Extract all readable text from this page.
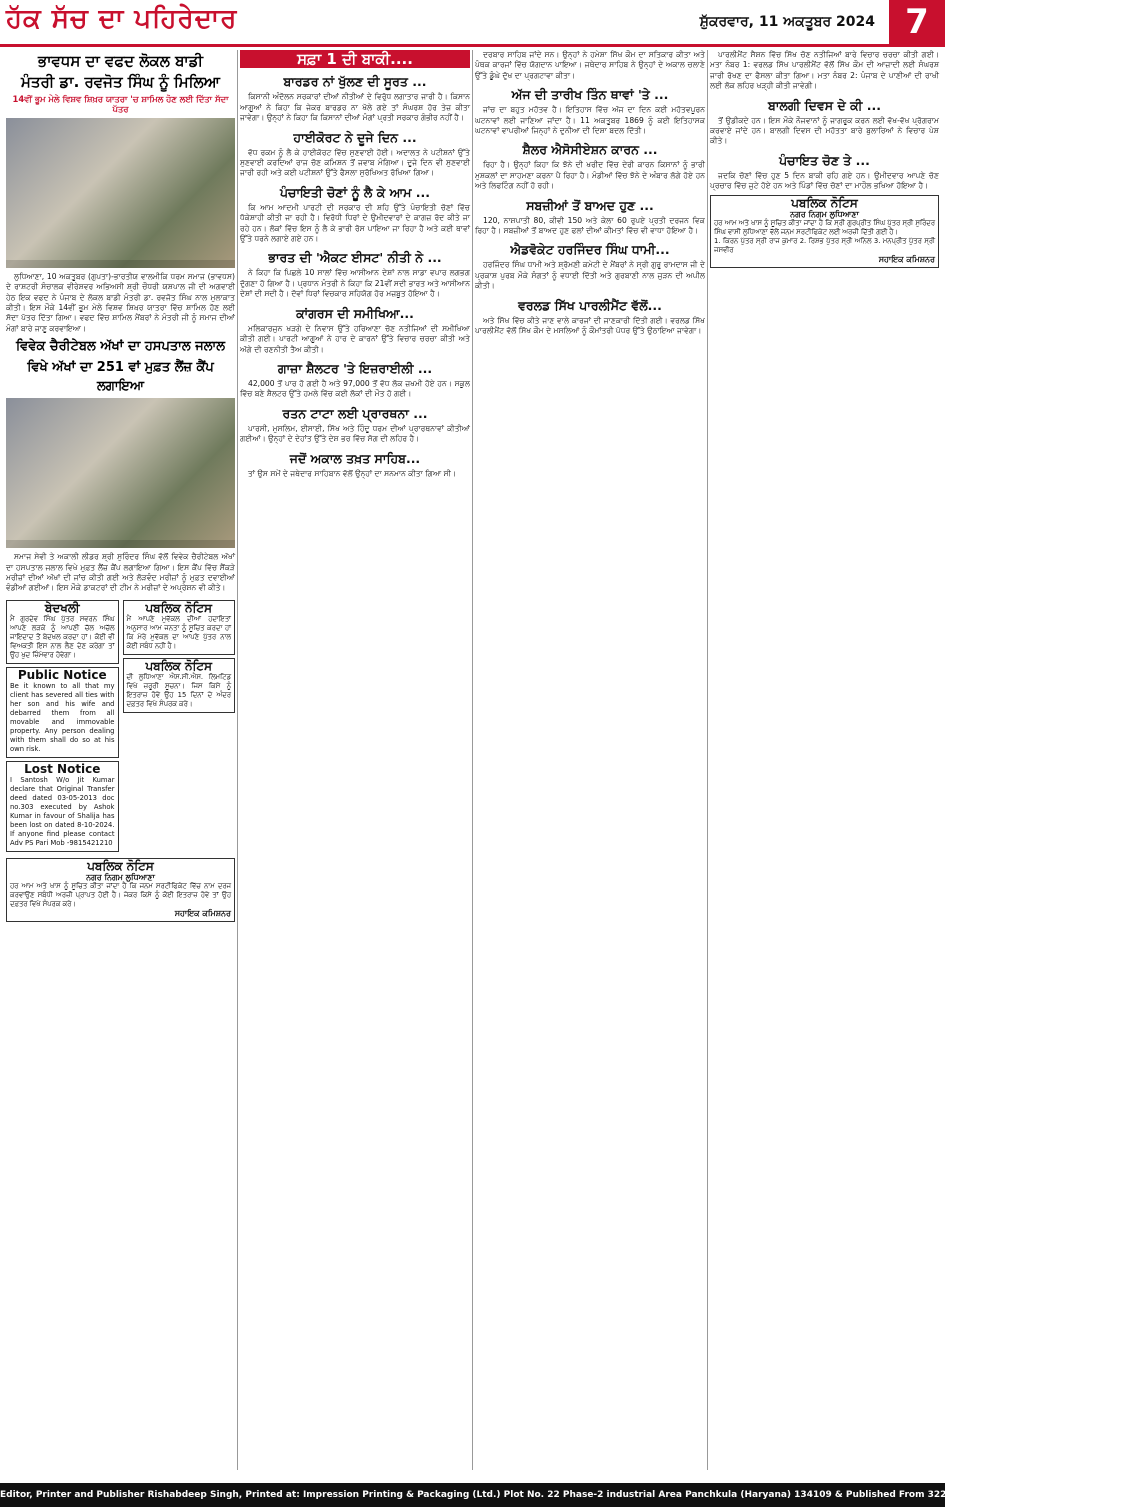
ਹੱਕ ਸੱਚ ਦਾ ਪਹਿਰੇਦਾਰ	ਸ਼ੁੱਕਰਵਾਰ, 11 ਅਕਤੂਬਰ 2024 7
ਭਾਵਧਸ ਦਾ ਵਫਦ ਲੋਕਲ ਬਾਡੀ
ਮੰਤਰੀ ਡਾ. ਰਵਜੋਤ ਸਿੰਘ ਨੂੰ ਮਿਲਿਆ
14ਵੀਂ ਭੂਮ ਮੇਲੇ ਵਿਸ਼ਵ ਸ਼ਿਖ਼ਰ ਯਾਤਰਾ 'ਚ ਸ਼ਾਮਿਲ ਹੋਣ ਲਈ ਦਿੱਤਾ ਸੱਦਾ ਪੱਤਰ

ਲੁਧਿਆਣਾ, 10 ਅਕਤੂਬਰ (ਗੁਪਤਾ)-ਭਾਰਤੀਯ ਵਾਲਮੀਕਿ ਧਰਮ ਸਮਾਜ (ਭਾਵਧਸ) ਦੇ ਰਾਸ਼ਟਰੀ ਸੰਚਾਲਕ ਵੀਰੇਸ਼ਵਰ ਅਭਿਅਸੀ ਸ਼੍ਰੀ ਚੌਧਰੀ ਯਸ਼ਪਾਲ ਜੀ ਦੀ ਅਗਵਾਈ ਹੇਠ ਇਕ ਵਫਦ ਨੇ ਪੰਜਾਬ ਦੇ ਲੋਕਲ ਬਾਡੀ ਮੰਤਰੀ ਡਾ. ਰਵਜੋਤ ਸਿੰਘ ਨਾਲ ਮੁਲਾਕਾਤ ਕੀਤੀ। ਇਸ ਮੌਕੇ 14ਵੀਂ ਭੂਮ ਮੇਲੇ ਵਿਸ਼ਵ ਸ਼ਿਖ਼ਰ ਯਾਤਰਾ ਵਿੱਚ ਸ਼ਾਮਿਲ ਹੋਣ ਲਈ ਸੱਦਾ ਪੱਤਰ ਦਿੱਤਾ ਗਿਆ। ਵਫਦ ਵਿੱਚ ਸ਼ਾਮਿਲ ਮੈਂਬਰਾਂ ਨੇ ਮੰਤਰੀ ਜੀ ਨੂੰ ਸਮਾਜ ਦੀਆਂ ਮੰਗਾਂ ਬਾਰੇ ਜਾਣੂ ਕਰਵਾਇਆ।

ਵਿਵੇਕ ਚੈਰੀਟੇਬਲ ਅੱਖਾਂ ਦਾ ਹਸਪਤਾਲ ਜਲਾਲ
ਵਿਖੇ ਅੱਖਾਂ ਦਾ 251 ਵਾਂ ਮੁਫ਼ਤ ਲੈਂਜ਼ ਕੈਂਪ ਲਗਾਇਆ

ਸਮਾਜ ਸੇਵੀ ਤੇ ਅਕਾਲੀ ਲੀਡਰ ਸ਼੍ਰੀ ਸੁਰਿੰਦਰ ਸਿੰਘ ਵੱਲੋਂ ਵਿਵੇਕ ਚੈਰੀਟੇਬਲ ਅੱਖਾਂ ਦਾ ਹਸਪਤਾਲ ਜਲਾਲ ਵਿਖੇ ਮੁਫ਼ਤ ਲੈਂਜ਼ ਕੈਂਪ ਲਗਾਇਆ ਗਿਆ। ਇਸ ਕੈਂਪ ਵਿੱਚ ਸੈਂਕੜੇ ਮਰੀਜ਼ਾਂ ਦੀਆਂ ਅੱਖਾਂ ਦੀ ਜਾਂਚ ਕੀਤੀ ਗਈ ਅਤੇ ਲੋੜਵੰਦ ਮਰੀਜ਼ਾਂ ਨੂੰ ਮੁਫ਼ਤ ਦਵਾਈਆਂ ਵੰਡੀਆਂ ਗਈਆਂ। ਇਸ ਮੌਕੇ ਡਾਕਟਰਾਂ ਦੀ ਟੀਮ ਨੇ ਮਰੀਜ਼ਾਂ ਦੇ ਅਪ੍ਰੇਸ਼ਨ ਵੀ ਕੀਤੇ।

ਬੇਦਖਲੀ
ਮੈਂ ਗੁਰਦੇਵ ਸਿੰਘ ਪੁੱਤਰ ਸਵਰਨ ਸਿੰਘ ਆਪਣੇ ਲੜਕੇ ਨੂੰ ਆਪਣੀ ਚੱਲ ਅਚੱਲ ਜਾਇਦਾਦ ਤੋਂ ਬੇਦਖਲ ਕਰਦਾ ਹਾਂ। ਕੋਈ ਵੀ ਵਿਅਕਤੀ ਇਸ ਨਾਲ ਲੈਣ ਦੇਣ ਕਰੇਗਾ ਤਾਂ ਉਹ ਖੁਦ ਜ਼ਿੰਮੇਵਾਰ ਹੋਵੇਗਾ।
Public Notice
Be it known to all that my client has severed all ties with her son and his wife and debarred them from all movable and immovable property. Any person dealing with them shall do so at his own risk.
Lost Notice
I Santosh W/o Jit Kumar declare that Original Transfer deed dated 03-05-2013 doc no.303 executed by Ashok Kumar in favour of Shalija has been lost on dated 8-10-2024. If anyone find please contact Adv PS Pari Mob -9815421210
ਪਬਲਿਕ ਨੋਟਿਸ
ਮੈਂ ਆਪਣੇ ਮੁਵੱਕਲ ਦੀਆਂ ਹਦਾਇਤਾਂ ਅਨੁਸਾਰ ਆਮ ਜਨਤਾ ਨੂੰ ਸੂਚਿਤ ਕਰਦਾ ਹਾਂ ਕਿ ਮੇਰੇ ਮੁਵੱਕਲ ਦਾ ਆਪਣੇ ਪੁੱਤਰ ਨਾਲ ਕੋਈ ਸਬੰਧ ਨਹੀਂ ਹੈ।
ਪਬਲਿਕ ਨੋਟਿਸ
ਦੀ ਲੁਧਿਆਣਾ ਐਸ.ਸੀ.ਐਸ. ਲਿਮਟਿਡ ਵਿਖੇ ਜ਼ਰੂਰੀ ਸੂਚਨਾ। ਜਿਸ ਕਿਸੇ ਨੂੰ ਇਤਰਾਜ਼ ਹੋਵੇ ਉਹ 15 ਦਿਨਾਂ ਦੇ ਅੰਦਰ ਦਫ਼ਤਰ ਵਿਖੇ ਸੰਪਰਕ ਕਰੇ।
ਪਬਲਿਕ ਨੋਟਿਸ
ਨਗਰ ਨਿਗਮ ਲੁਧਿਆਣਾ
ਹਰ ਆਮ ਅਤੇ ਖਾਸ ਨੂੰ ਸੂਚਿਤ ਕੀਤਾ ਜਾਂਦਾ ਹੈ ਕਿ ਜਨਮ ਸਰਟੀਫਿਕੇਟ ਵਿੱਚ ਨਾਮ ਦਰਜ ਕਰਵਾਉਣ ਸਬੰਧੀ ਅਰਜ਼ੀ ਪ੍ਰਾਪਤ ਹੋਈ ਹੈ। ਜੇਕਰ ਕਿਸੇ ਨੂੰ ਕੋਈ ਇਤਰਾਜ਼ ਹੋਵੇ ਤਾਂ ਉਹ ਦਫ਼ਤਰ ਵਿਖੇ ਸੰਪਰਕ ਕਰੇ।
ਸਹਾਇਕ ਕਮਿਸ਼ਨਰ
ਸਫ਼ਾ 1 ਦੀ ਬਾਕੀ....
ਬਾਰਡਰ ਨਾਂ ਖੁੱਲਣ ਦੀ ਸੂਰਤ ...

ਕਿਸਾਨੀ ਅੰਦੋਲਨ ਸਰਕਾਰਾਂ ਦੀਆਂ ਨੀਤੀਆਂ ਦੇ ਵਿਰੁੱਧ ਲਗਾਤਾਰ ਜਾਰੀ ਹੈ। ਕਿਸਾਨ ਆਗੂਆਂ ਨੇ ਕਿਹਾ ਕਿ ਜੇਕਰ ਬਾਰਡਰ ਨਾ ਖੋਲੇ ਗਏ ਤਾਂ ਸੰਘਰਸ਼ ਹੋਰ ਤੇਜ਼ ਕੀਤਾ ਜਾਵੇਗਾ। ਉਨ੍ਹਾਂ ਨੇ ਕਿਹਾ ਕਿ ਕਿਸਾਨਾਂ ਦੀਆਂ ਮੰਗਾਂ ਪ੍ਰਤੀ ਸਰਕਾਰ ਗੰਭੀਰ ਨਹੀਂ ਹੈ।

ਹਾਈਕੋਰਟ ਨੇ ਦੂਜੇ ਦਿਨ ...

ਵੱਧ ਰਕਮ ਨੂੰ ਲੈ ਕੇ ਹਾਈਕੋਰਟ ਵਿੱਚ ਸੁਣਵਾਈ ਹੋਈ। ਅਦਾਲਤ ਨੇ ਪਟੀਸ਼ਨਾਂ ਉੱਤੇ ਸੁਣਵਾਈ ਕਰਦਿਆਂ ਰਾਜ ਚੋਣ ਕਮਿਸ਼ਨ ਤੋਂ ਜਵਾਬ ਮੰਗਿਆ। ਦੂਜੇ ਦਿਨ ਵੀ ਸੁਣਵਾਈ ਜਾਰੀ ਰਹੀ ਅਤੇ ਕਈ ਪਟੀਸ਼ਨਾਂ ਉੱਤੇ ਫੈਸਲਾ ਸੁਰੱਖਿਅਤ ਰੱਖਿਆ ਗਿਆ।

ਪੰਚਾਇਤੀ ਚੋਣਾਂ ਨੂੰ ਲੈ ਕੇ ਆਮ ...

ਕਿ ਆਮ ਆਦਮੀ ਪਾਰਟੀ ਦੀ ਸਰਕਾਰ ਦੀ ਸ਼ਹਿ ਉੱਤੇ ਪੰਚਾਇਤੀ ਚੋਣਾਂ ਵਿੱਚ ਧੱਕੇਸ਼ਾਹੀ ਕੀਤੀ ਜਾ ਰਹੀ ਹੈ। ਵਿਰੋਧੀ ਧਿਰਾਂ ਦੇ ਉਮੀਦਵਾਰਾਂ ਦੇ ਕਾਗਜ਼ ਰੱਦ ਕੀਤੇ ਜਾ ਰਹੇ ਹਨ। ਲੋਕਾਂ ਵਿੱਚ ਇਸ ਨੂੰ ਲੈ ਕੇ ਭਾਰੀ ਰੋਸ ਪਾਇਆ ਜਾ ਰਿਹਾ ਹੈ ਅਤੇ ਕਈ ਥਾਵਾਂ ਉੱਤੇ ਧਰਨੇ ਲਗਾਏ ਗਏ ਹਨ।

ਭਾਰਤ ਦੀ 'ਐਕਟ ਈਸਟ' ਨੀਤੀ ਨੇ ...

ਨੇ ਕਿਹਾ ਕਿ ਪਿਛਲੇ 10 ਸਾਲਾਂ ਵਿੱਚ ਆਸੀਆਨ ਦੇਸ਼ਾਂ ਨਾਲ ਸਾਡਾ ਵਪਾਰ ਲਗਭਗ ਦੁੱਗਣਾ ਹੋ ਗਿਆ ਹੈ। ਪ੍ਰਧਾਨ ਮੰਤਰੀ ਨੇ ਕਿਹਾ ਕਿ 21ਵੀਂ ਸਦੀ ਭਾਰਤ ਅਤੇ ਆਸੀਆਨ ਦੇਸ਼ਾਂ ਦੀ ਸਦੀ ਹੈ। ਦੋਵਾਂ ਧਿਰਾਂ ਵਿਚਕਾਰ ਸਹਿਯੋਗ ਹੋਰ ਮਜ਼ਬੂਤ ਹੋਇਆ ਹੈ।

ਕਾਂਗਰਸ ਦੀ ਸਮੀਖਿਆ...

ਮਲਿਕਾਰਜੁਨ ਖੜਗੇ ਦੇ ਨਿਵਾਸ ਉੱਤੇ ਹਰਿਆਣਾ ਚੋਣ ਨਤੀਜਿਆਂ ਦੀ ਸਮੀਖਿਆ ਕੀਤੀ ਗਈ। ਪਾਰਟੀ ਆਗੂਆਂ ਨੇ ਹਾਰ ਦੇ ਕਾਰਨਾਂ ਉੱਤੇ ਵਿਚਾਰ ਚਰਚਾ ਕੀਤੀ ਅਤੇ ਅੱਗੇ ਦੀ ਰਣਨੀਤੀ ਤੈਅ ਕੀਤੀ।

ਗਾਜ਼ਾ ਸ਼ੈਲਟਰ 'ਤੇ ਇਜ਼ਰਾਈਲੀ ...

42,000 ਤੋਂ ਪਾਰ ਹੋ ਗਈ ਹੈ ਅਤੇ 97,000 ਤੋਂ ਵੱਧ ਲੋਕ ਜ਼ਖਮੀ ਹੋਏ ਹਨ। ਸਕੂਲ ਵਿੱਚ ਬਣੇ ਸ਼ੈਲਟਰ ਉੱਤੇ ਹਮਲੇ ਵਿੱਚ ਕਈ ਲੋਕਾਂ ਦੀ ਮੌਤ ਹੋ ਗਈ।

ਰਤਨ ਟਾਟਾ ਲਈ ਪ੍ਰਾਰਥਨਾ ...

ਪਾਰਸੀ, ਮੁਸਲਿਮ, ਈਸਾਈ, ਸਿੱਖ ਅਤੇ ਹਿੰਦੂ ਧਰਮ ਦੀਆਂ ਪ੍ਰਾਰਥਨਾਵਾਂ ਕੀਤੀਆਂ ਗਈਆਂ। ਉਨ੍ਹਾਂ ਦੇ ਦੇਹਾਂਤ ਉੱਤੇ ਦੇਸ਼ ਭਰ ਵਿੱਚ ਸੋਗ ਦੀ ਲਹਿਰ ਹੈ।

ਜਦੋਂ ਅਕਾਲ ਤਖ਼ਤ ਸਾਹਿਬ...

ਤਾਂ ਉਸ ਸਮੇਂ ਦੇ ਜਥੇਦਾਰ ਸਾਹਿਬਾਨ ਵੱਲੋਂ ਉਨ੍ਹਾਂ ਦਾ ਸਨਮਾਨ ਕੀਤਾ ਗਿਆ ਸੀ।

ਦਰਬਾਰ ਸਾਹਿਬ ਜਾਂਦੇ ਸਨ। ਉਨ੍ਹਾਂ ਨੇ ਹਮੇਸ਼ਾ ਸਿੱਖ ਕੌਮ ਦਾ ਸਤਿਕਾਰ ਕੀਤਾ ਅਤੇ ਪੰਥਕ ਕਾਰਜਾਂ ਵਿੱਚ ਯੋਗਦਾਨ ਪਾਇਆ। ਜਥੇਦਾਰ ਸਾਹਿਬ ਨੇ ਉਨ੍ਹਾਂ ਦੇ ਅਕਾਲ ਚਲਾਣੇ ਉੱਤੇ ਡੂੰਘੇ ਦੁੱਖ ਦਾ ਪ੍ਰਗਟਾਵਾ ਕੀਤਾ।

ਅੱਜ ਦੀ ਤਾਰੀਖ ਤਿੰਨ ਥਾਵਾਂ 'ਤੇ ...

ਜਾਂਚ ਦਾ ਬਹੁਤ ਮਹੱਤਵ ਹੈ। ਇਤਿਹਾਸ ਵਿੱਚ ਅੱਜ ਦਾ ਦਿਨ ਕਈ ਮਹੱਤਵਪੂਰਨ ਘਟਨਾਵਾਂ ਲਈ ਜਾਣਿਆ ਜਾਂਦਾ ਹੈ। 11 ਅਕਤੂਬਰ 1869 ਨੂੰ ਕਈ ਇਤਿਹਾਸਕ ਘਟਨਾਵਾਂ ਵਾਪਰੀਆਂ ਜਿਨ੍ਹਾਂ ਨੇ ਦੁਨੀਆ ਦੀ ਦਿਸ਼ਾ ਬਦਲ ਦਿੱਤੀ।

ਸ਼ੈਲਰ ਐਸੋਸੀਏਸ਼ਨ ਕਾਰਨ ...

ਰਿਹਾ ਹੈ। ਉਨ੍ਹਾਂ ਕਿਹਾ ਕਿ ਝੋਨੇ ਦੀ ਖਰੀਦ ਵਿੱਚ ਦੇਰੀ ਕਾਰਨ ਕਿਸਾਨਾਂ ਨੂੰ ਭਾਰੀ ਮੁਸ਼ਕਲਾਂ ਦਾ ਸਾਹਮਣਾ ਕਰਨਾ ਪੈ ਰਿਹਾ ਹੈ। ਮੰਡੀਆਂ ਵਿੱਚ ਝੋਨੇ ਦੇ ਅੰਬਾਰ ਲੱਗੇ ਹੋਏ ਹਨ ਅਤੇ ਲਿਫਟਿੰਗ ਨਹੀਂ ਹੋ ਰਹੀ।

ਸਬਜ਼ੀਆਂ ਤੋਂ ਬਾਅਦ ਹੁਣ ...

120, ਨਾਸ਼ਪਾਤੀ 80, ਕੀਵੀ 150 ਅਤੇ ਕੇਲਾ 60 ਰੁਪਏ ਪ੍ਰਤੀ ਦਰਜਨ ਵਿਕ ਰਿਹਾ ਹੈ। ਸਬਜ਼ੀਆਂ ਤੋਂ ਬਾਅਦ ਹੁਣ ਫਲਾਂ ਦੀਆਂ ਕੀਮਤਾਂ ਵਿੱਚ ਵੀ ਵਾਧਾ ਹੋਇਆ ਹੈ।

ਐਡਵੋਕੇਟ ਹਰਜਿੰਦਰ ਸਿੰਘ ਧਾਮੀ...

ਹਰਜਿੰਦਰ ਸਿੰਘ ਧਾਮੀ ਅਤੇ ਸ਼੍ਰੋਮਣੀ ਕਮੇਟੀ ਦੇ ਮੈਂਬਰਾਂ ਨੇ ਸ੍ਰੀ ਗੁਰੂ ਰਾਮਦਾਸ ਜੀ ਦੇ ਪ੍ਰਕਾਸ਼ ਪੁਰਬ ਮੌਕੇ ਸੰਗਤਾਂ ਨੂੰ ਵਧਾਈ ਦਿੱਤੀ ਅਤੇ ਗੁਰਬਾਣੀ ਨਾਲ ਜੁੜਨ ਦੀ ਅਪੀਲ ਕੀਤੀ।

ਵਰਲਡ ਸਿੱਖ ਪਾਰਲੀਮੈਂਟ ਵੱਲੋਂ...

ਅਤੇ ਸਿੱਖ ਵਿੱਚ ਕੀਤੇ ਜਾਣ ਵਾਲੇ ਕਾਰਜਾਂ ਦੀ ਜਾਣਕਾਰੀ ਦਿੱਤੀ ਗਈ। ਵਰਲਡ ਸਿੱਖ ਪਾਰਲੀਮੈਂਟ ਵੱਲੋਂ ਸਿੱਖ ਕੌਮ ਦੇ ਮਸਲਿਆਂ ਨੂੰ ਕੌਮਾਂਤਰੀ ਪੱਧਰ ਉੱਤੇ ਉਠਾਇਆ ਜਾਵੇਗਾ।

ਪਾਰਲੀਮੈਂਟ ਸੈਸ਼ਨ ਵਿੱਚ ਸਿੱਖ ਚੋਣ ਨਤੀਜਿਆਂ ਬਾਰੇ ਵਿਚਾਰ ਚਰਚਾ ਕੀਤੀ ਗਈ। ਮਤਾ ਨੰਬਰ 1: ਵਰਲਡ ਸਿੱਖ ਪਾਰਲੀਮੈਂਟ ਵੱਲੋਂ ਸਿੱਖ ਕੌਮ ਦੀ ਆਜ਼ਾਦੀ ਲਈ ਸੰਘਰਸ਼ ਜਾਰੀ ਰੱਖਣ ਦਾ ਫੈਸਲਾ ਕੀਤਾ ਗਿਆ। ਮਤਾ ਨੰਬਰ 2: ਪੰਜਾਬ ਦੇ ਪਾਣੀਆਂ ਦੀ ਰਾਖੀ ਲਈ ਲੋਕ ਲਹਿਰ ਖੜ੍ਹੀ ਕੀਤੀ ਜਾਵੇਗੀ।

ਬਾਲਗੀ ਦਿਵਸ ਦੇ ਕੀ ...

ਤੋਂ ਉਡੀਕਦੇ ਹਨ। ਇਸ ਮੌਕੇ ਨੌਜਵਾਨਾਂ ਨੂੰ ਜਾਗਰੂਕ ਕਰਨ ਲਈ ਵੱਖ-ਵੱਖ ਪ੍ਰੋਗਰਾਮ ਕਰਵਾਏ ਜਾਂਦੇ ਹਨ। ਬਾਲਗੀ ਦਿਵਸ ਦੀ ਮਹੱਤਤਾ ਬਾਰੇ ਬੁਲਾਰਿਆਂ ਨੇ ਵਿਚਾਰ ਪੇਸ਼ ਕੀਤੇ।

ਪੰਚਾਇਤ ਚੋਣ ਤੇ ...

ਜਦਕਿ ਚੋਣਾਂ ਵਿੱਚ ਹੁਣ 5 ਦਿਨ ਬਾਕੀ ਰਹਿ ਗਏ ਹਨ। ਉਮੀਦਵਾਰ ਆਪਣੇ ਚੋਣ ਪ੍ਰਚਾਰ ਵਿੱਚ ਜੁਟੇ ਹੋਏ ਹਨ ਅਤੇ ਪਿੰਡਾਂ ਵਿੱਚ ਚੋਣਾਂ ਦਾ ਮਾਹੌਲ ਭਖਿਆ ਹੋਇਆ ਹੈ।

ਪਬਲਿਕ ਨੋਟਿਸ
ਨਗਰ ਨਿਗਮ ਲੁਧਿਆਣਾ
ਹਰ ਆਮ ਅਤੇ ਖਾਸ ਨੂੰ ਸੂਚਿਤ ਕੀਤਾ ਜਾਂਦਾ ਹੈ ਕਿ ਸ੍ਰੀ ਗੁਰਪ੍ਰੀਤ ਸਿੰਘ ਪੁੱਤਰ ਸ੍ਰੀ ਸੁਰਿੰਦਰ ਸਿੰਘ ਵਾਸੀ ਲੁਧਿਆਣਾ ਵੱਲੋਂ ਜਨਮ ਸਰਟੀਫਿਕੇਟ ਲਈ ਅਰਜ਼ੀ ਦਿੱਤੀ ਗਈ ਹੈ।
1. ਕਿਰਨ ਪੁੱਤਰ ਸ੍ਰੀ ਰਾਜ ਕੁਮਾਰ 2. ਰਿਸ਼ਭ ਪੁੱਤਰ ਸ੍ਰੀ ਅਨਿਲ 3. ਮਨਪ੍ਰੀਤ ਪੁੱਤਰ ਸ੍ਰੀ ਜਸਵੀਰ
ਸਹਾਇਕ ਕਮਿਸ਼ਨਰ
Editor, Printer and Publisher Rishabdeep Singh, Printed at: Impression Printing & Packaging (Ltd.) Plot No. 22 Phase-2 industrial Area Panchkula (Haryana) 134109 & Published From 3223, First Floor, Sector-35D, Chandigarh
